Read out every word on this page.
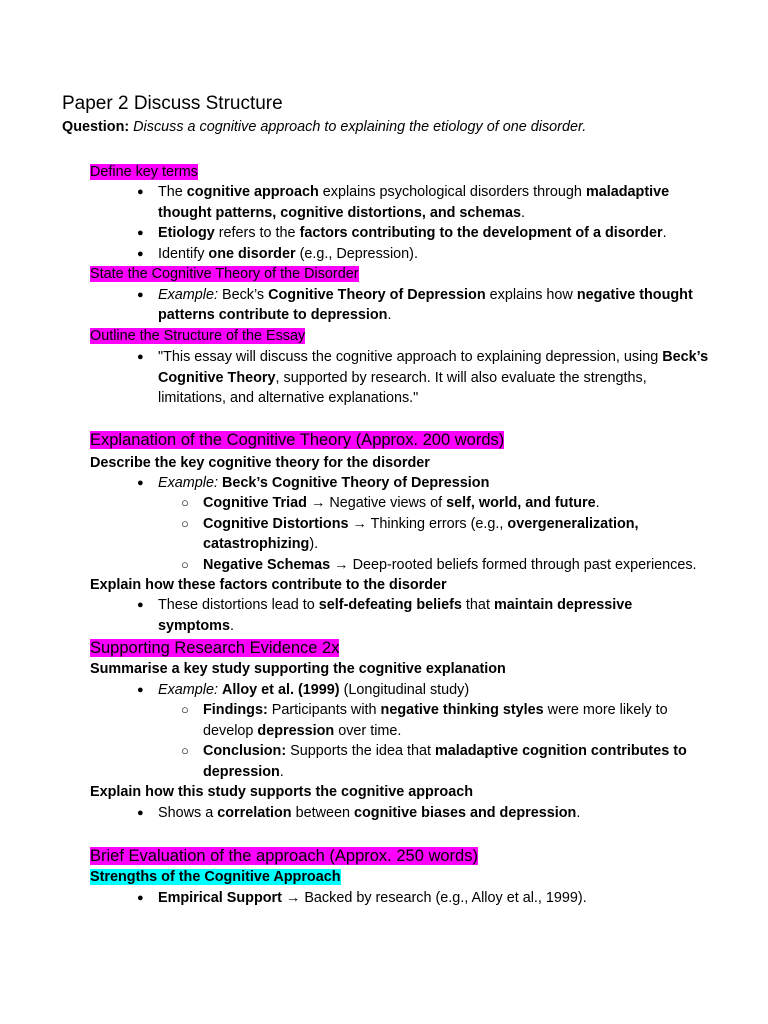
Paper 2 Discuss Structure
Question: Discuss a cognitive approach to explaining the etiology of one disorder.
Define key terms
● The cognitive approach explains psychological disorders through maladaptive
thought patterns, cognitive distortions, and schemas.
● Etiology refers to the factors contributing to the development of a disorder.
● Identify one disorder (e.g., Depression).
State the Cognitive Theory of the Disorder
● Example: Beck’s Cognitive Theory of Depression explains how negative thought
patterns contribute to depression.
Outline the Structure of the Essay
● "This essay will discuss the cognitive approach to explaining depression, using Beck’s
Cognitive Theory, supported by research. It will also evaluate the strengths,
limitations, and alternative explanations."
Explanation of the Cognitive Theory (Approx. 200 words)
Describe the key cognitive theory for the disorder
● Example: Beck’s Cognitive Theory of Depression
○ Cognitive Triad → Negative views of self, world, and future.
○ Cognitive Distortions → Thinking errors (e.g., overgeneralization,
catastrophizing).
○ Negative Schemas → Deep-rooted beliefs formed through past experiences.
Explain how these factors contribute to the disorder
● These distortions lead to self-defeating beliefs that maintain depressive
symptoms.
Supporting Research Evidence 2x
Summarise a key study supporting the cognitive explanation
● Example: Alloy et al. (1999) (Longitudinal study)
○ Findings: Participants with negative thinking styles were more likely to
develop depression over time.
○ Conclusion: Supports the idea that maladaptive cognition contributes to
depression.
Explain how this study supports the cognitive approach
● Shows a correlation between cognitive biases and depression.
Brief Evaluation of the approach (Approx. 250 words)
Strengths of the Cognitive Approach
● Empirical Support → Backed by research (e.g., Alloy et al., 1999).
